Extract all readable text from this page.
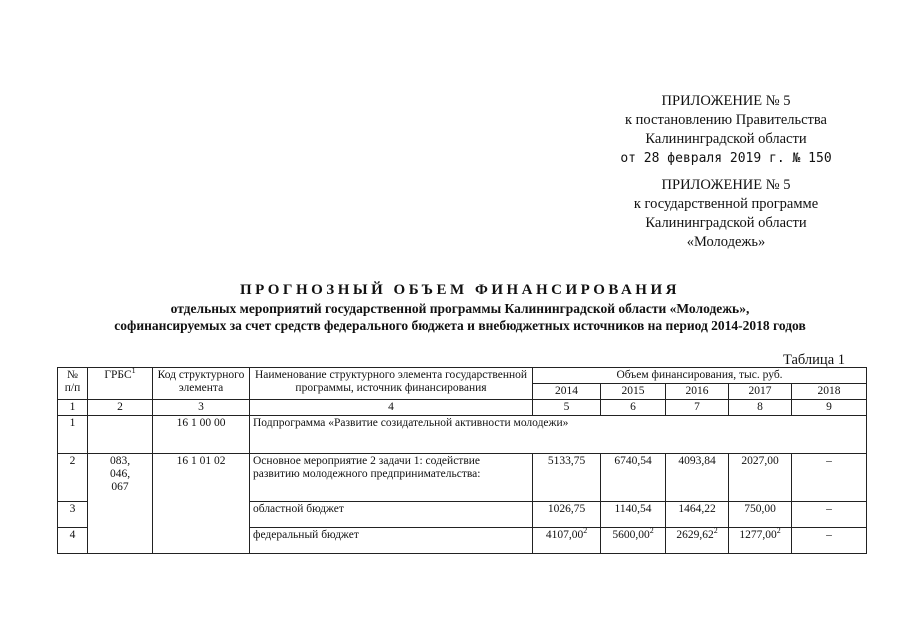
ПРИЛОЖЕНИЕ № 5
к постановлению Правительства
Калининградской области
от 28 февраля 2019 г. № 150
ПРИЛОЖЕНИЕ № 5
к государственной программе
Калининградской области
«Молодежь»
ПРОГНОЗНЫЙ ОБЪЕМ ФИНАНСИРОВАНИЯ
отдельных мероприятий государственной программы Калининградской области «Молодежь»,
софинансируемых за счет средств федерального бюджета и внебюджетных источников на период 2014-2018 годов
Таблица 1
№ п/п	ГРБС$^1$	Код структурного элемента	Наименование структурного элемента государственной программы, источник финансирования	Объем финансирования, тыс. руб.				
				2014	2015	2016	2017	2018
1	2	3	4	5	6	7	8	9
1		16 1 00 00	Подпрограмма «Развитие созидательной активности молодежи»					
2	083, 046, 067	16 1 01 02	Основное мероприятие 2 задачи 1: содействие развитию молодежного предпринимательства:	5133,75	6740,54	4093,84	2027,00	–
3			областной бюджет	1026,75	1140,54	1464,22	750,00	–
4			федеральный бюджет	4107,00$^2$	5600,00$^2$	2629,62$^2$	1277,00$^2$	–
